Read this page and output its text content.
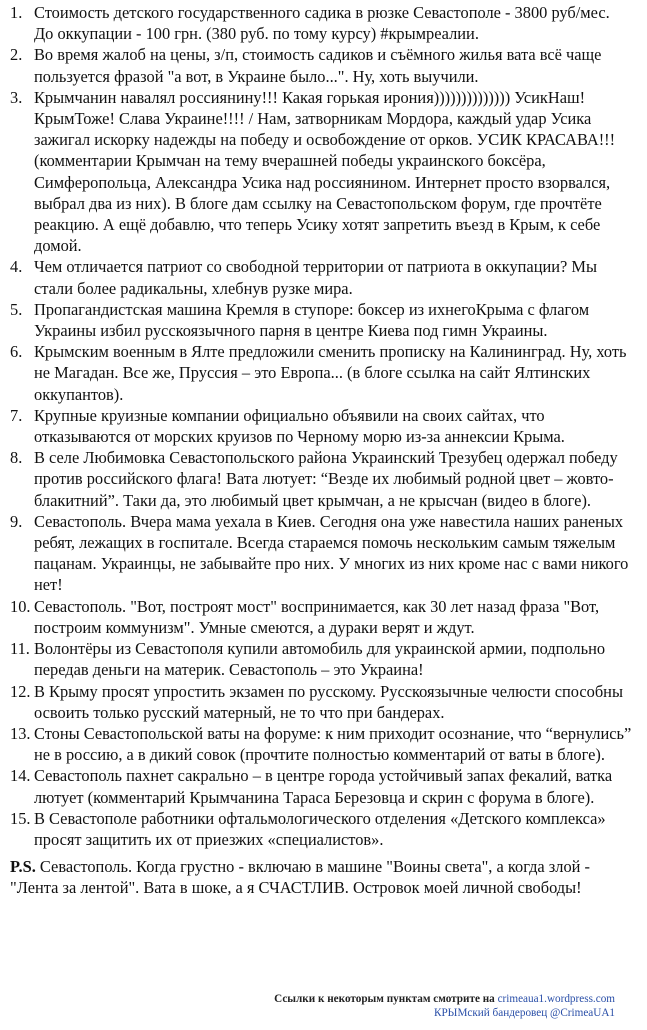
1. Стоимость детского государственного садика в рюзке Севастополе - 3800 руб/мес. До оккупации - 100 грн. (380 руб. по тому курсу) #крымреалии.
2. Во время жалоб на цены, з/п, стоимость садиков и съёмного жилья вата всё чаще пользуется фразой "а вот, в Украине было...". Ну, хоть выучили.
3. Крымчанин навалял россиянину!!! Какая горькая ирония)))))))))))))) УсикНаш! КрымТоже! Слава Украине!!!! / Нам, затворникам Мордора, каждый удар Усика зажигал искорку надежды на победу и освобождение от орков. УСИК КРАСАВА!!! (комментарии Крымчан на тему вчерашней победы украинского боксёра, Симферопольца, Александра Усика над россиянином. Интернет просто взорвался, выбрал два из них). В блоге дам ссылку на Севастопольском форум, где прочтёте реакцию. А ещё добавлю, что теперь Усику хотят запретить въезд в Крым, к себе домой.
4. Чем отличается патриот со свободной территории от патриота в оккупации? Мы стали более радикальны, хлебнув рузке мира.
5. Пропагандистская машина Кремля в ступоре: боксер из ихнегоКрыма с флагом Украины избил русскоязычного парня в центре Киева под гимн Украины.
6. Крымским военным в Ялте предложили сменить прописку на Калининград. Ну, хоть не Магадан. Все же, Пруссия – это Европа... (в блоге ссылка на сайт Ялтинских оккупантов).
7. Крупные круизные компании официально объявили на своих сайтах, что отказываются от морских круизов по Черному морю из-за аннексии Крыма.
8. В селе Любимовка Севастопольского района Украинский Трезубец одержал победу против российского флага! Вата лютует: “Везде их любимый родной цвет – жовто-блакитний”. Таки да, это любимый цвет крымчан, а не крысчан (видео в блоге).
9. Севастополь. Вчера мама уехала в Киев. Сегодня она уже навестила наших раненых ребят, лежащих в госпитале. Всегда стараемся помочь нескольким самым тяжелым пацанам. Украинцы, не забывайте про них. У многих из них кроме нас с вами никого нет!
10. Севастополь. "Вот, построят мост" воспринимается, как 30 лет назад фраза "Вот, построим коммунизм". Умные смеются, а дураки верят и ждут.
11. Волонтёры из Севастополя купили автомобиль для украинской армии, подпольно передав деньги на материк. Севастополь – это Украина!
12. В Крыму просят упростить экзамен по русскому. Русскоязычные челюсти способны освоить только русский матерный, не то что при бандерах.
13. Стоны Севастопольской ваты на форуме: к ним приходит осознание, что “вернулись” не в россию, а в дикий совок (прочтите полностью комментарий от ваты в блоге).
14. Севастополь пахнет сакрально – в центре города устойчивый запах фекалий, ватка лютует (комментарий Крымчанина Тараса Березовца и скрин с форума в блоге).
15. В Севастополе работники офтальмологического отделения «Детского комплекса» просят защитить их от приезжих «специалистов».
P.S. Севастополь. Когда грустно - включаю в машине "Воины света", а когда злой - "Лента за лентой". Вата в шоке, а я СЧАСТЛИВ. Островок моей личной свободы!
Ссылки к некоторым пунктам смотрите на crimeaua1.wordpress.com
КРЫМский бандеровец @CrimeaUA1
